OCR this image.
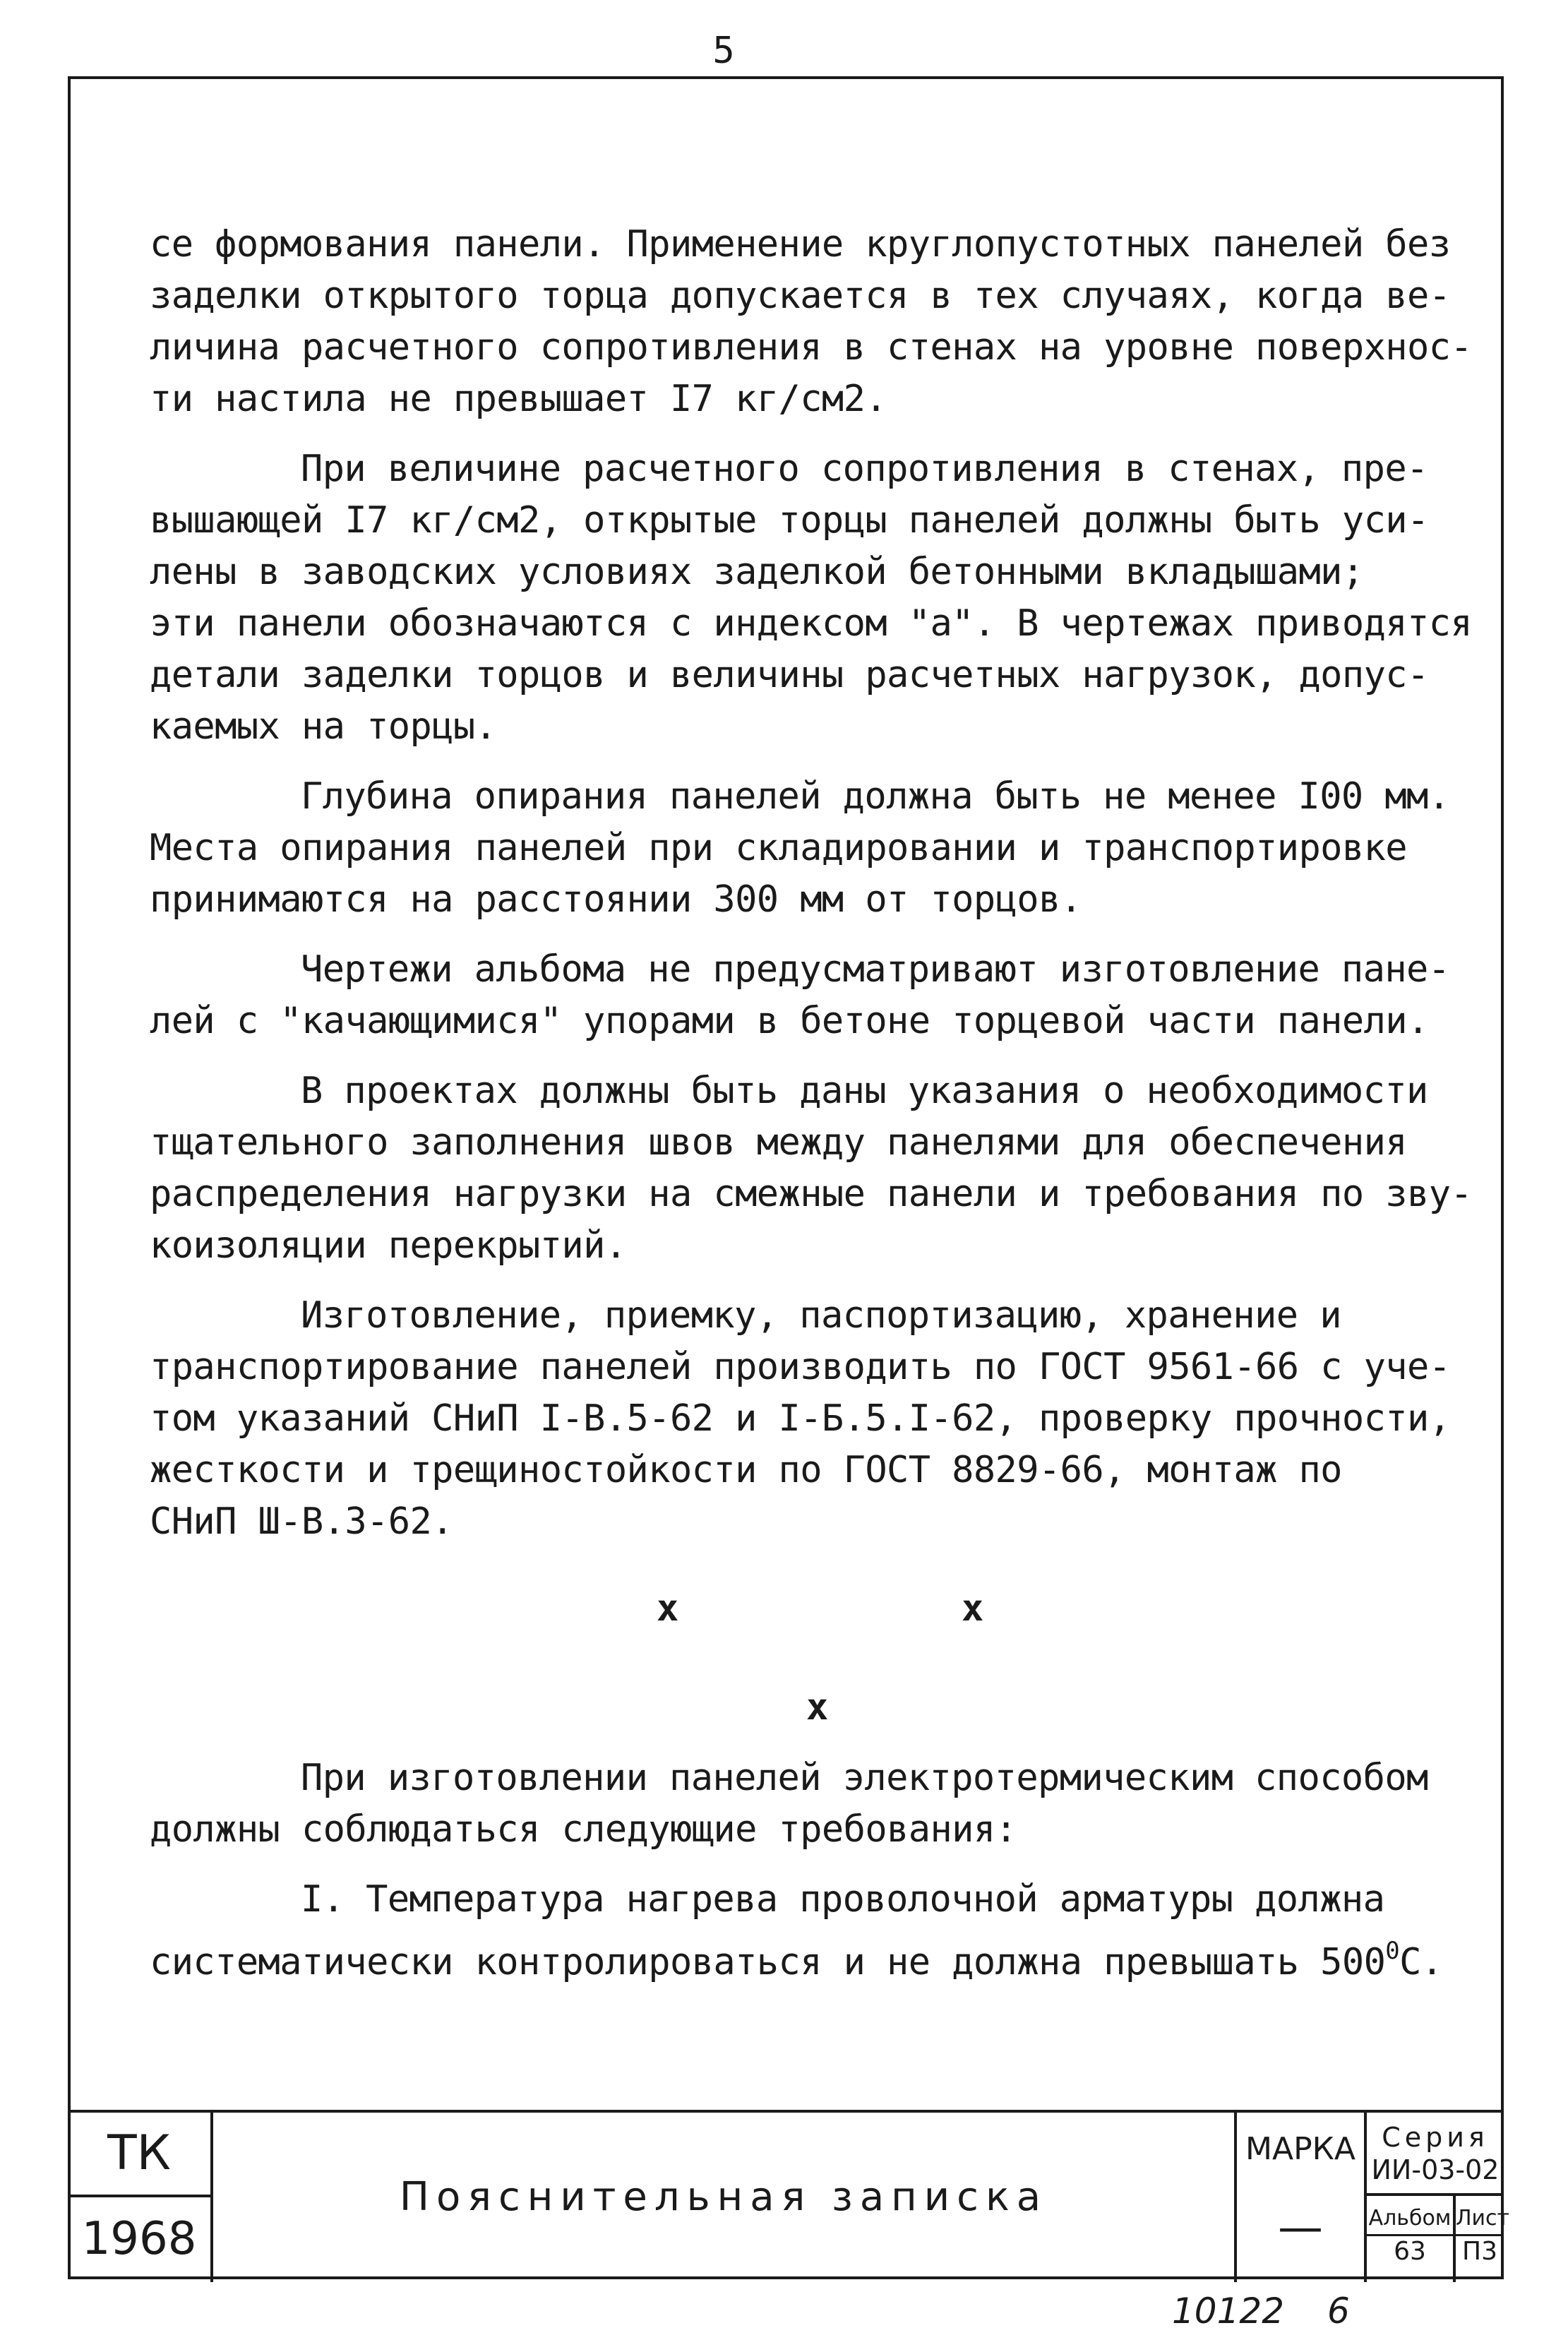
5

се формования панели. Применение круглопустотных панелей без
заделки открытого торца допускается в тех случаях, когда ве-
личина расчетного сопротивления в стенах на уровне поверхнос-
ти настила не превышает I7 кг/см2.

При величине расчетного сопротивления в стенах, пре-
вышающей I7 кг/см2, открытые торцы панелей должны быть уси-
лены в заводских условиях заделкой бетонными вкладышами;
эти панели обозначаются с индексом "а". В чертежах приводятся
детали заделки торцов и величины расчетных нагрузок, допус-
каемых на торцы.

Глубина опирания панелей должна быть не менее I00 мм.
Места опирания панелей при складировании и транспортировке
принимаются на расстоянии 300 мм от торцов.

Чертежи альбома не предусматривают изготовление пане-
лей с "качающимися" упорами в бетоне торцевой части панели.

В проектах должны быть даны указания о необходимости
тщательного заполнения швов между панелями для обеспечения
распределения нагрузки на смежные панели и требования по зву-
коизоляции перекрытий.

Изготовление, приемку, паспортизацию, хранение и
транспортирование панелей производить по ГОСТ 9561-66 с уче-
том указаний СНиП I-В.5-62 и I-Б.5.I-62, проверку прочности,
жесткости и трещиностойкости по ГОСТ 8829-66, монтаж по
СНиП Ш-В.3-62.

x	x
x

При изготовлении панелей электротермическим способом
должны соблюдаться следующие требования:

I. Температура нагрева проволочной арматуры должна
систематически контролироваться и не должна превышать $500^0С$.

ТК
1968
Пояснительная записка
МАРКА
—
Серия
ИИ-03-02
Альбом
63
Лист
П3
10122 6
